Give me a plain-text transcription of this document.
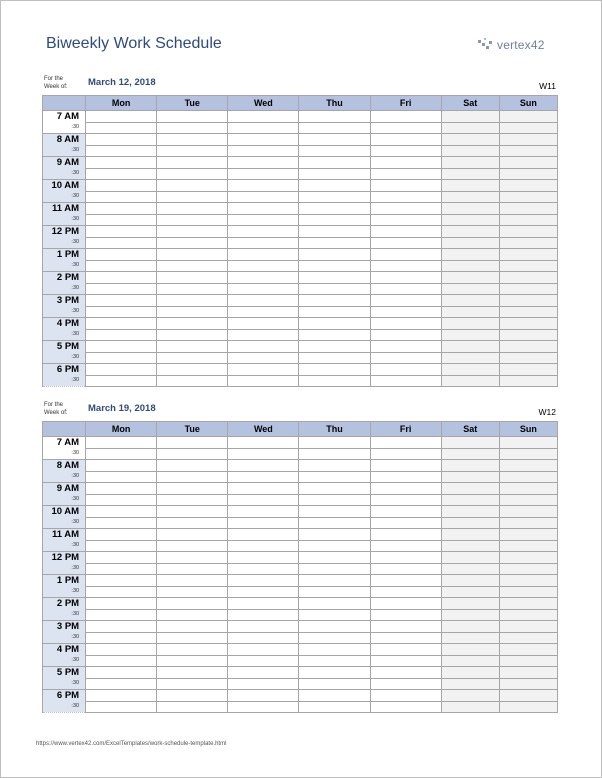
Biweekly Work Schedule	vertex42
For the
Week of: March 12, 2018	W11
	Mon	Tue	Wed	Thu	Fri	Sat	Sun

7 AM
:30							

8 AM
:30							

9 AM
:30							

10 AM
:30							

11 AM
:30							

12 PM
:30							

1 PM
:30							

2 PM
:30							

3 PM
:30							

4 PM
:30							

5 PM
:30							

6 PM
:30							

For the
Week of: March 19, 2018	W12
	Mon	Tue	Wed	Thu	Fri	Sat	Sun

7 AM
:30							

8 AM
:30							

9 AM
:30							

10 AM
:30							

11 AM
:30							

12 PM
:30							

1 PM
:30							

2 PM
:30							

3 PM
:30							

4 PM
:30							

5 PM
:30							

6 PM
:30							

https://www.vertex42.com/ExcelTemplates/work-schedule-template.html
